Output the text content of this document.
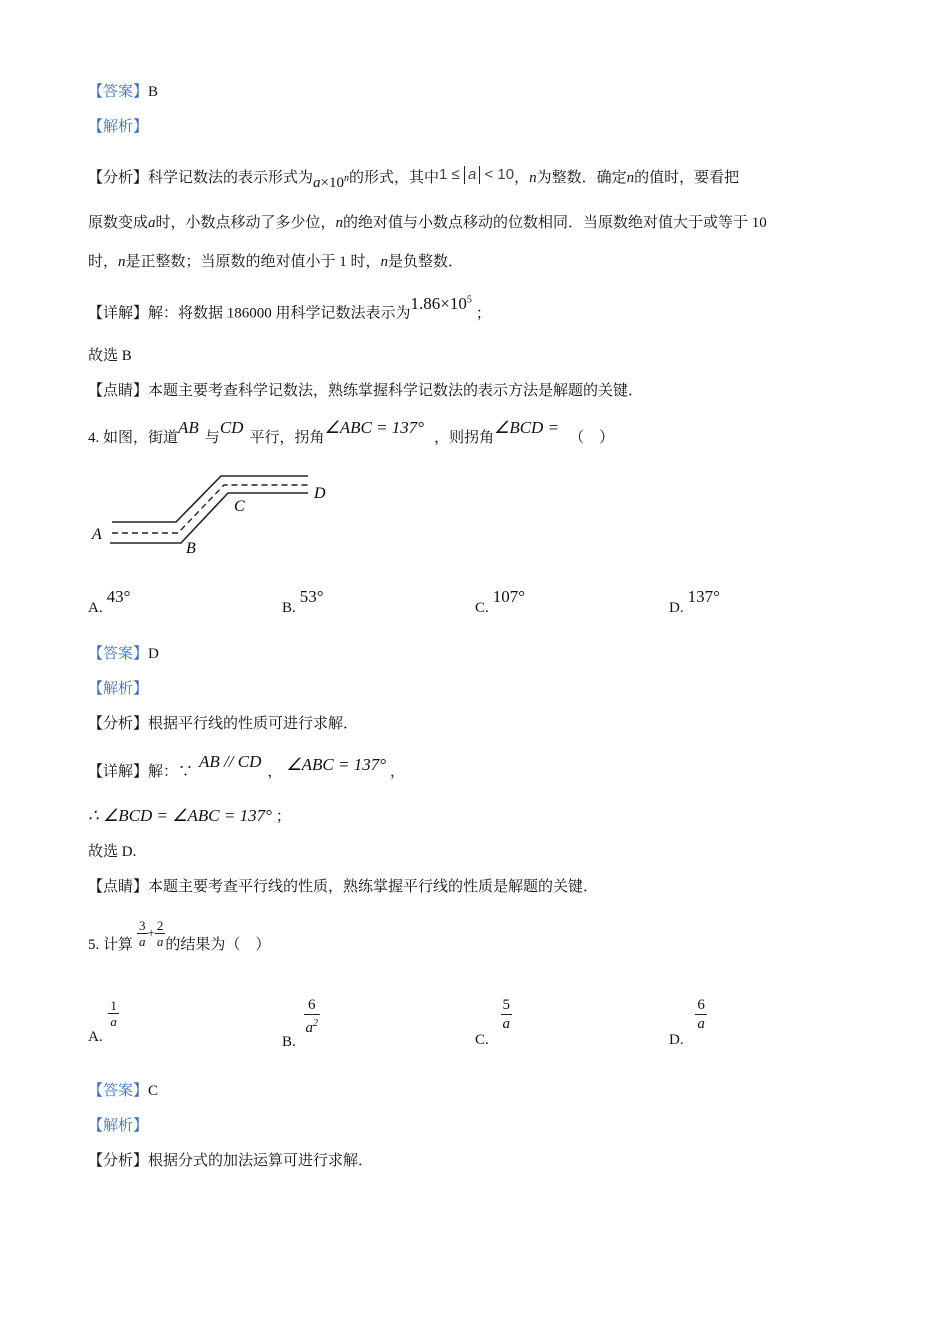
【答案】B
【解析】
【分析】科学记数法的表示形式为$a\times 10^n$的形式，其中1 ≤ a < 10，n为整数．确定n的值时，要看把
原数变成a时，小数点移动了多少位，n的绝对值与小数点移动的位数相同．当原数绝对值大于或等于 10
时，n是正整数；当原数的绝对值小于 1 时，n是负整数．
【详解】解：将数据 186000 用科学记数法表示为$1.86\times 10^5$；
故选 B
【点睛】本题主要考查科学记数法，熟练掌握科学记数法的表示方法是解题的关键．
4. 如图，街道AB与CD平行，拐角∠ABC = 137°，则拐角∠BCD =（　）
A
B
C
D
A.43°
B.53°
C.107°
D.137°
【答案】D
【解析】
【分析】根据平行线的性质可进行求解．
【详解】解：∵AB // CD， ∠ABC = 137° ，
∴ ∠BCD = ∠ABC = 137° ；
故选 D.
【点睛】本题主要考查平行线的性质，熟练掌握平行线的性质是解题的关键．
5. 计算 $\frac{3}{a} + \frac{2}{a}$ 的结果为（　）
A.
$\frac{1}{a}$
B.
$\frac{6}{a^2}$
C.
$\frac{5}{a}$
D.
$\frac{6}{a}$
【答案】C
【解析】
【分析】根据分式的加法运算可进行求解．
